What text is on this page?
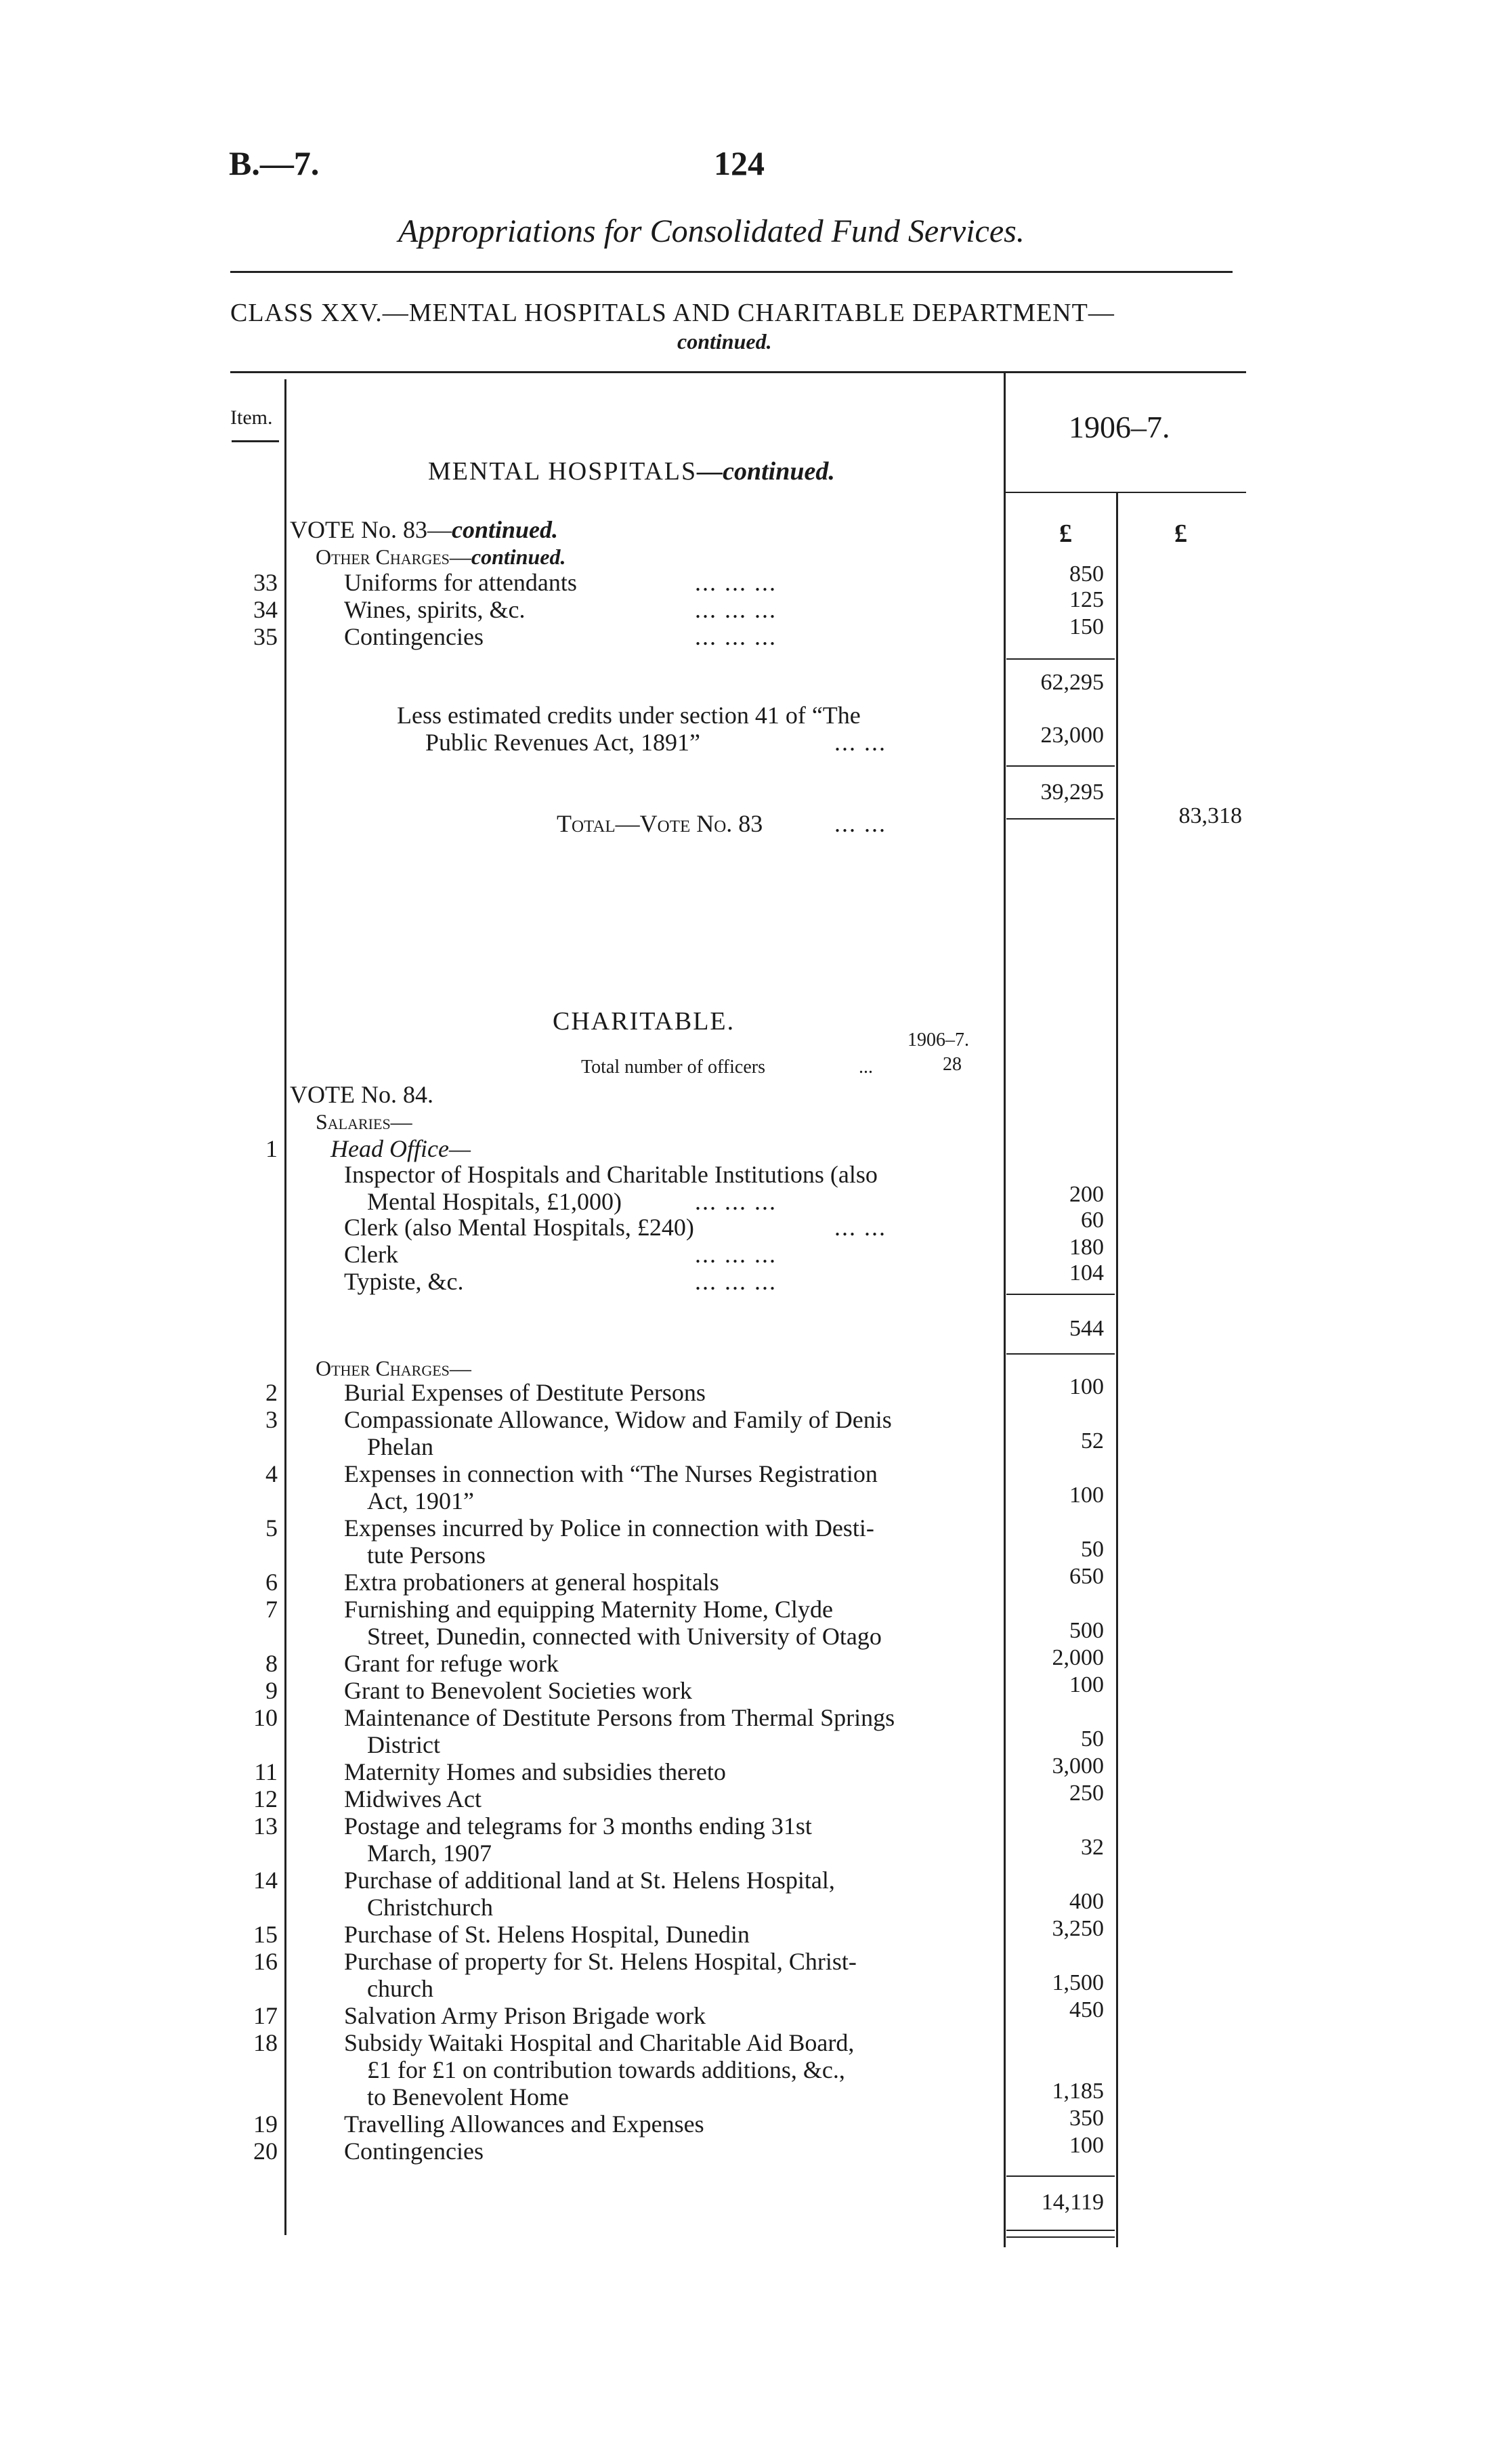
B.—7.	124
Appropriations for Consolidated Fund Services.
CLASS XXV.—MENTAL HOSPITALS AND CHARITABLE DEPARTMENT—
continued.
Item.	1906–7.
£	£
MENTAL HOSPITALS—continued.
VOTE No. 83—continued.
Other Charges—continued.
33	Uniforms for attendants	... ... ...	850
34	Wines, spirits, &c.	... ... ...	125
35	Contingencies	... ... ...	150
62,295
Less estimated credits under section 41 of “The
Public Revenues Act, 1891”	... ...	23,000
39,295
Total—Vote No. 83	... ...	83,318
CHARITABLE.
1906–7.
Total number of officers	...	28
VOTE No. 84.
Salaries—
1 Head Office—
Inspector of Hospitals and Charitable Institutions (also
Mental Hospitals, £1,000)	... ... ...	200
Clerk (also Mental Hospitals, £240)	... ...	60
Clerk	... ... ...	180
Typiste, &c.	... ... ...	104
544
Other Charges—
2	Burial Expenses of Destitute Persons	100
3	Compassionate Allowance, Widow and Family of Denis
Phelan	52
4	Expenses in connection with “The Nurses Registration
Act, 1901”	100
5	Expenses incurred by Police in connection with Desti-
tute Persons	50
6	Extra probationers at general hospitals	650
7	Furnishing and equipping Maternity Home, Clyde
Street, Dunedin, connected with University of Otago	500
8	Grant for refuge work	2,000
9	Grant to Benevolent Societies work	100
10	Maintenance of Destitute Persons from Thermal Springs
District	50
11	Maternity Homes and subsidies thereto	3,000
12	Midwives Act	250
13	Postage and telegrams for 3 months ending 31st
March, 1907	32
14	Purchase of additional land at St. Helens Hospital,
Christchurch	400
15	Purchase of St. Helens Hospital, Dunedin	3,250
16	Purchase of property for St. Helens Hospital, Christ-
church	1,500
17	Salvation Army Prison Brigade work	450
18	Subsidy Waitaki Hospital and Charitable Aid Board,
£1 for £1 on contribution towards additions, &c.,
to Benevolent Home	1,185
19	Travelling Allowances and Expenses	350
20	Contingencies	100
14,119
